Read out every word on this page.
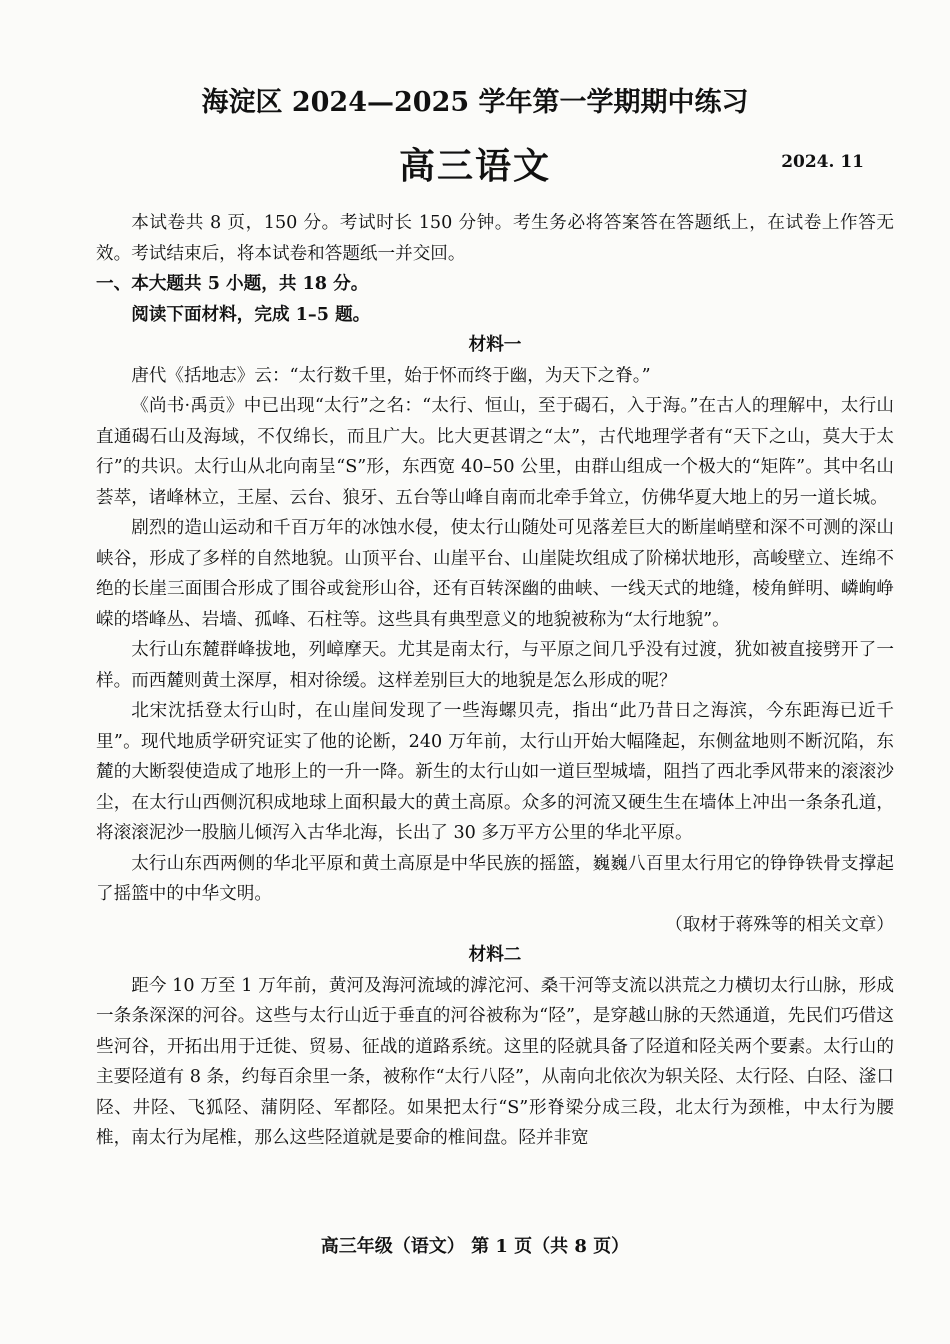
海淀区 2024—2025 学年第一学期期中练习
高三语文	2024. 11

本试卷共 8 页，150 分。考试时长 150 分钟。考生务必将答案答在答题纸上，在试卷上作答无效。考试结束后，将本试卷和答题纸一并交回。

一、本大题共 5 小题，共 18 分。

阅读下面材料，完成 1–5 题。

材料一

唐代《括地志》云：“太行数千里，始于怀而终于幽，为天下之脊。”

《尚书·禹贡》中已出现“太行”之名：“太行、恒山，至于碣石，入于海。”在古人的理解中，太行山直通碣石山及海域，不仅绵长，而且广大。比大更甚谓之“太”，古代地理学者有“天下之山，莫大于太行”的共识。太行山从北向南呈“S”形，东西宽 40–50 公里，由群山组成一个极大的“矩阵”。其中名山荟萃，诸峰林立，王屋、云台、狼牙、五台等山峰自南而北牵手耸立，仿佛华夏大地上的另一道长城。

剧烈的造山运动和千百万年的冰蚀水侵，使太行山随处可见落差巨大的断崖峭壁和深不可测的深山峡谷，形成了多样的自然地貌。山顶平台、山崖平台、山崖陡坎组成了阶梯状地形，高峻壁立、连绵不绝的长崖三面围合形成了围谷或瓮形山谷，还有百转深幽的曲峡、一线天式的地缝，棱角鲜明、嶙峋峥嵘的塔峰丛、岩墙、孤峰、石柱等。这些具有典型意义的地貌被称为“太行地貌”。

太行山东麓群峰拔地，列嶂摩天。尤其是南太行，与平原之间几乎没有过渡，犹如被直接劈开了一样。而西麓则黄土深厚，相对徐缓。这样差别巨大的地貌是怎么形成的呢？

北宋沈括登太行山时，在山崖间发现了一些海螺贝壳，指出“此乃昔日之海滨，今东距海已近千里”。现代地质学研究证实了他的论断，240 万年前，太行山开始大幅隆起，东侧盆地则不断沉陷，东麓的大断裂使造成了地形上的一升一降。新生的太行山如一道巨型城墙，阻挡了西北季风带来的滚滚沙尘，在太行山西侧沉积成地球上面积最大的黄土高原。众多的河流又硬生生在墙体上冲出一条条孔道，将滚滚泥沙一股脑儿倾泻入古华北海，长出了 30 多万平方公里的华北平原。

太行山东西两侧的华北平原和黄土高原是中华民族的摇篮，巍巍八百里太行用它的铮铮铁骨支撑起了摇篮中的中华文明。

（取材于蒋殊等的相关文章）

材料二

距今 10 万至 1 万年前，黄河及海河流域的滹沱河、桑干河等支流以洪荒之力横切太行山脉，形成一条条深深的河谷。这些与太行山近于垂直的河谷被称为“陉”，是穿越山脉的天然通道，先民们巧借这些河谷，开拓出用于迁徙、贸易、征战的道路系统。这里的陉就具备了陉道和陉关两个要素。太行山的主要陉道有 8 条，约每百余里一条，被称作“太行八陉”，从南向北依次为轵关陉、太行陉、白陉、滏口陉、井陉、飞狐陉、蒲阴陉、军都陉。如果把太行“S”形脊梁分成三段，北太行为颈椎，中太行为腰椎，南太行为尾椎，那么这些陉道就是要命的椎间盘。陉并非宽

高三年级（语文） 第 1 页（共 8 页）
